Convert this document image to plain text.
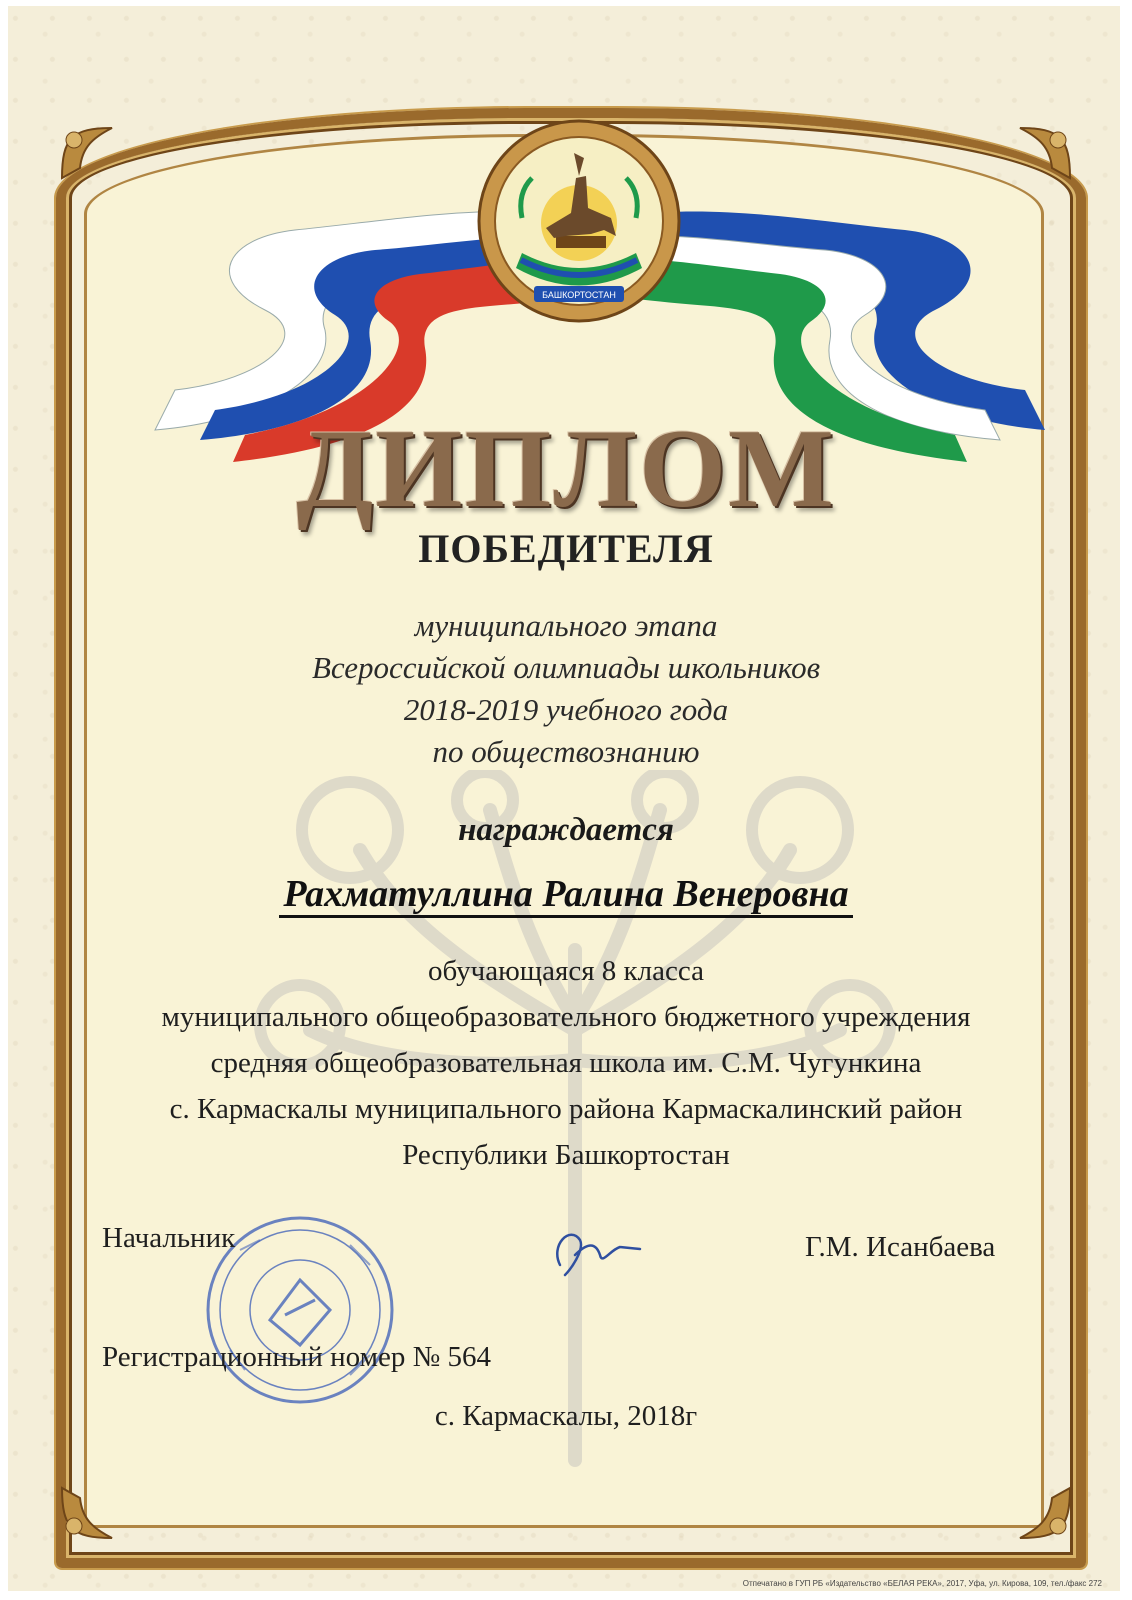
БАШКОРТОСТАН
ДИПЛОМ
ПОБЕДИТЕЛЯ
муниципального этапа
Всероссийской олимпиады школьников
2018-2019 учебного года
по обществознанию
награждается
Рахматуллина Ралина Венеровна
обучающаяся 8 класса
муниципального общеобразовательного бюджетного учреждения
средняя общеобразовательная школа им. С.М. Чугункина
с. Кармаскалы муниципального района Кармаскалинский район
Республики Башкортостан
Начальник	Г.М. Исанбаева
Регистрационный номер № 564
с. Кармаскалы, 2018г
Отпечатано в ГУП РБ «Издательство «БЕЛАЯ РЕКА», 2017, Уфа, ул. Кирова, 109, тел./факс 272
